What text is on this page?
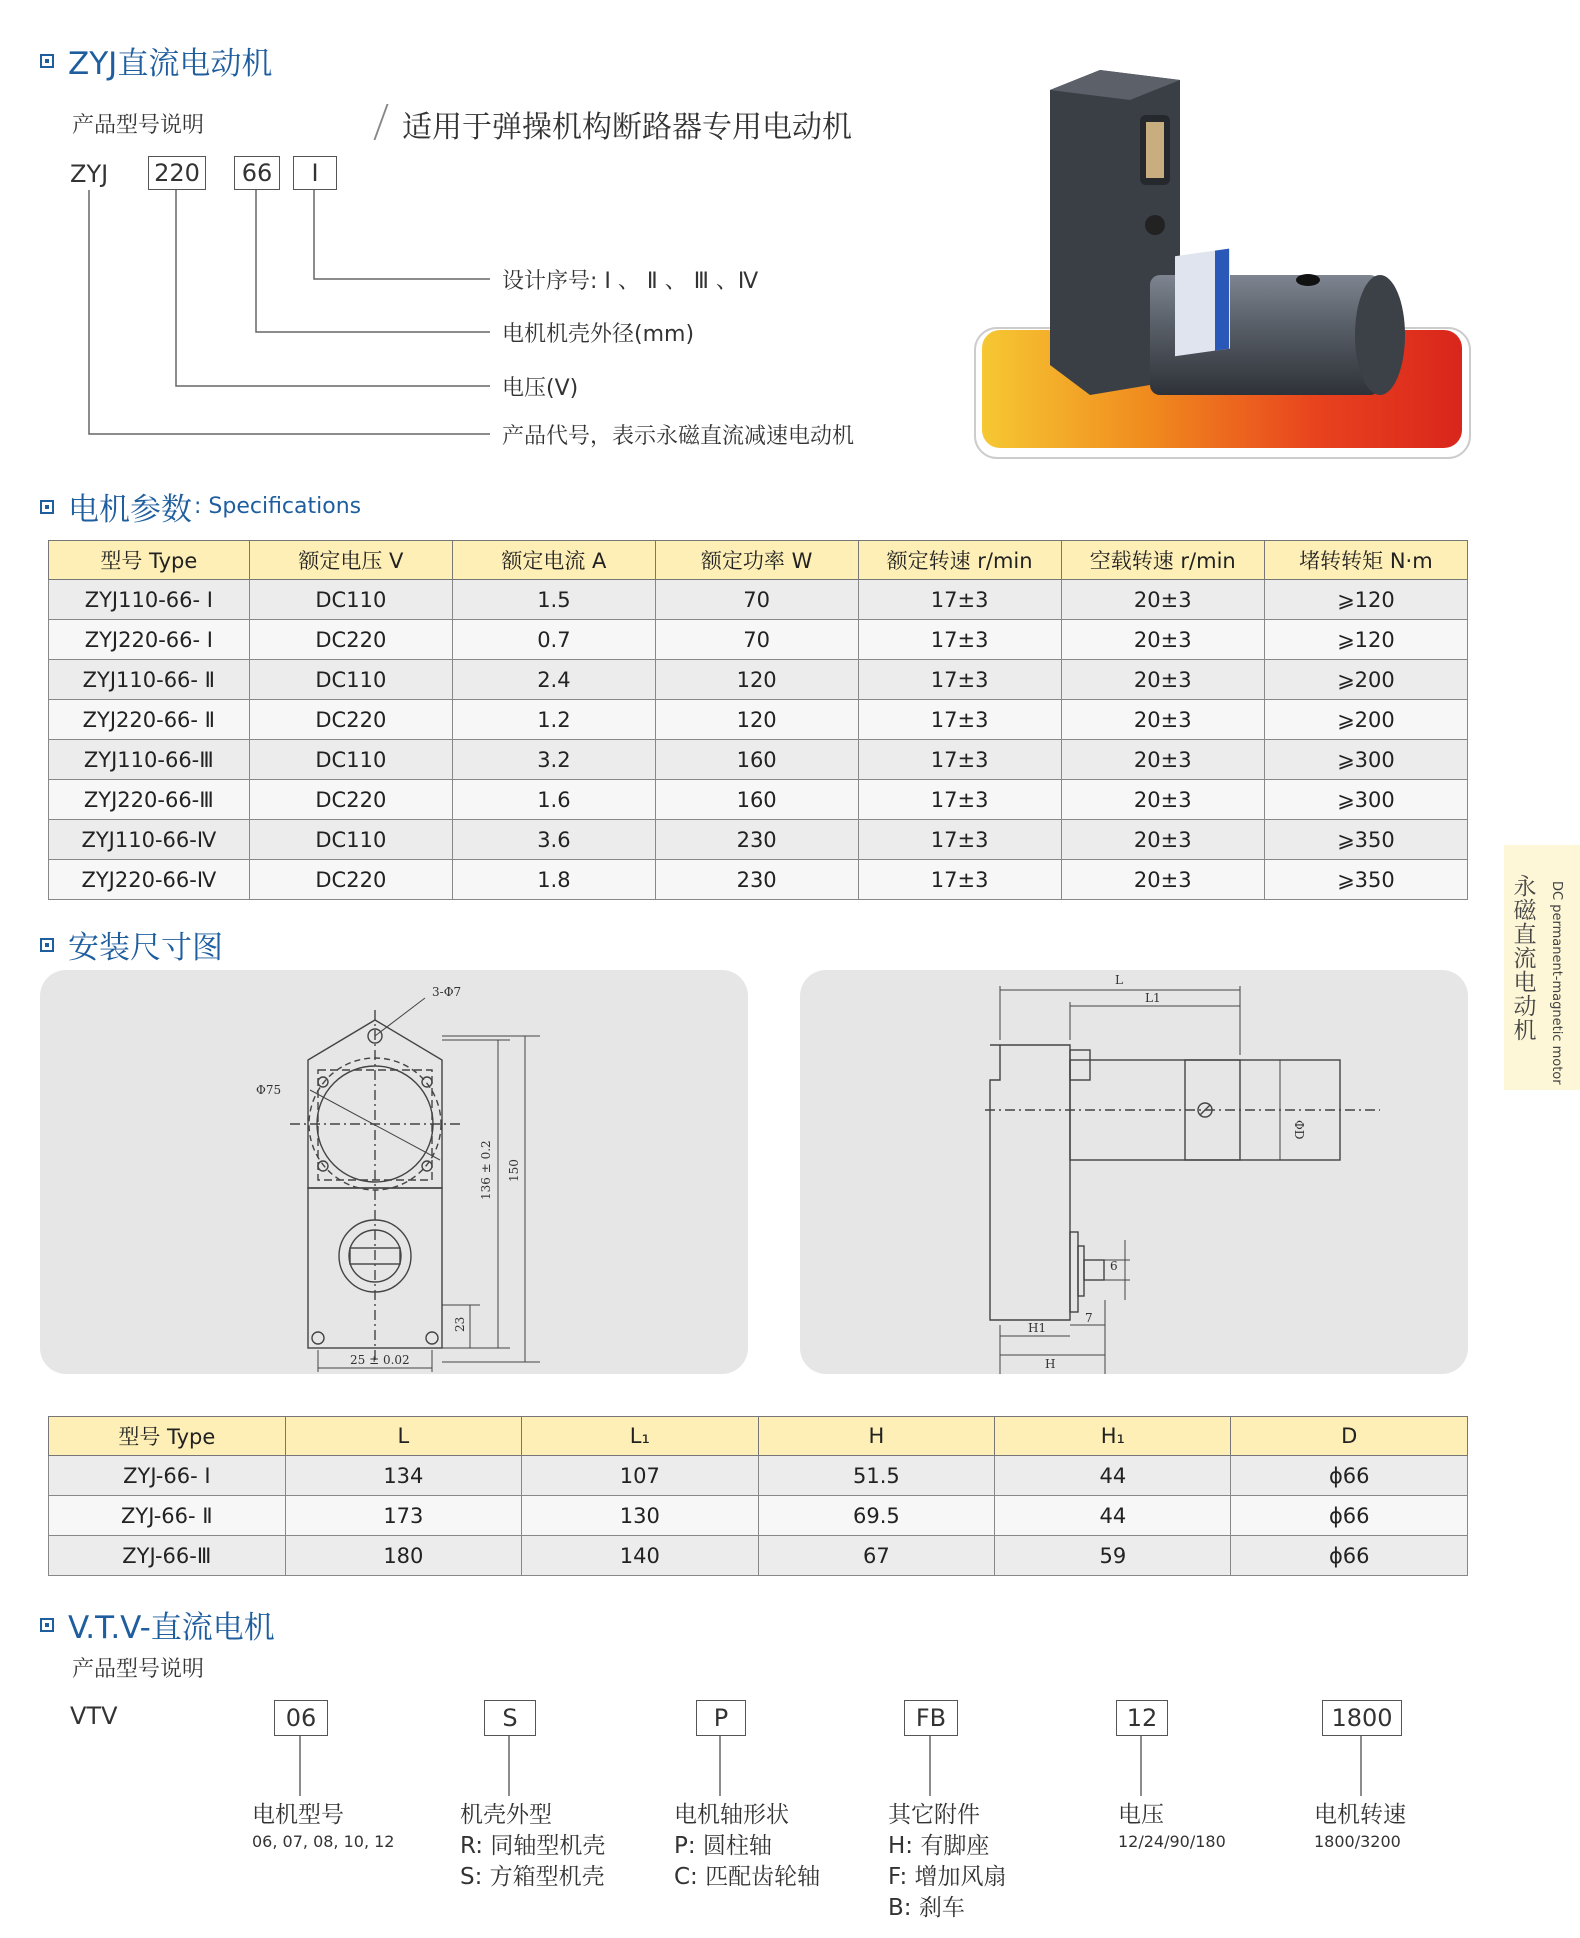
ZYJ直流电动机
产品型号说明	适用于弹操机构断路器专用电动机
ZYJ 220	66	Ⅰ
设计序号: Ⅰ 、 Ⅱ 、 Ⅲ 、Ⅳ
电机机壳外径(mm)
电压(V)
产品代号，表示永磁直流减速电动机
电机参数 : Specifications
型号 Type	额定电压 V	额定电流 A	额定功率 W	额定转速 r/min	空载转速 r/min	堵转转矩 N·m
ZYJ110-66- Ⅰ	DC110	1.5	70	17±3	20±3	⩾120
ZYJ220-66- Ⅰ	DC220	0.7	70	17±3	20±3	⩾120
ZYJ110-66- Ⅱ	DC110	2.4	120	17±3	20±3	⩾200
ZYJ220-66- Ⅱ	DC220	1.2	120	17±3	20±3	⩾200
ZYJ110-66-Ⅲ	DC110	3.2	160	17±3	20±3	⩾300
ZYJ220-66-Ⅲ	DC220	1.6	160	17±3	20±3	⩾300
ZYJ110-66-Ⅳ	DC110	3.6	230	17±3	20±3	⩾350
ZYJ220-66-Ⅳ	DC220	1.8	230	17±3	20±3	⩾350	永磁直流电动机 DC permanent-magnetic motor
安装尺寸图
3-Φ7
Φ75
136 ± 0.2 150
23
25 ± 0.02
L
L1
ΦD
6
7
H1
H
型号 Type	L	L₁	H	H₁	D
ZYJ-66- Ⅰ	134	107	51.5	44	ϕ66
ZYJ-66- Ⅱ	173	130	69.5	44	ϕ66
ZYJ-66-Ⅲ	180	140	67	59	ϕ66
V.T.V-直流电机
产品型号说明
VTV	06	S	P	FB	12	1800
电机型号
06, 07, 08, 10, 12
机壳外型
R: 同轴型机壳
S: 方箱型机壳
电机轴形状
P: 圆柱轴
C: 匹配齿轮轴
其它附件
H: 有脚座
F: 增加风扇
B: 刹车
电压
12/24/90/180
电机转速
1800/3200
